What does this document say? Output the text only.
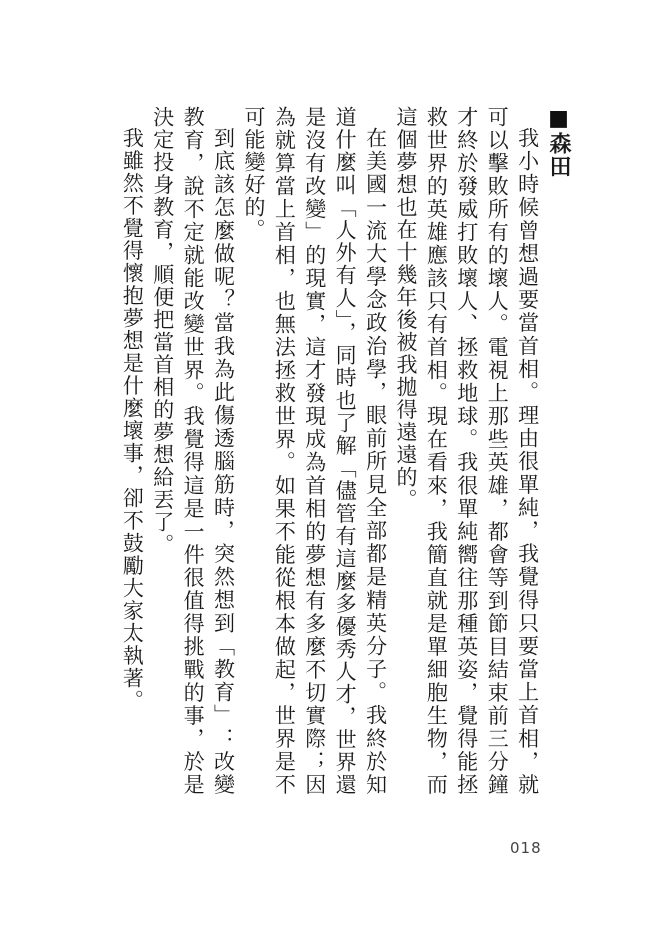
■森田

我小時候曾想過要當首相。理由很單純，我覺得只要當上首相，就可以擊敗所有的壞人。電視上那些英雄，都會等到節目結束前三分鐘才終於發威打敗壞人、拯救地球。我很單純嚮往那種英姿，覺得能拯救世界的英雄應該只有首相。現在看來，我簡直就是單細胞生物，而這個夢想也在十幾年後被我拋得遠遠的。

在美國一流大學念政治學，眼前所見全部都是精英分子。我終於知道什麼叫「人外有人」，同時也了解「儘管有這麼多優秀人才，世界還是沒有改變」的現實，這才發現成為首相的夢想有多麼不切實際；因為就算當上首相，也無法拯救世界。如果不能從根本做起，世界是不可能變好的。

到底該怎麼做呢？當我為此傷透腦筋時，突然想到「教育」：改變教育，說不定就能改變世界。我覺得這是一件很值得挑戰的事，於是決定投身教育，順便把當首相的夢想給丟了。

我雖然不覺得懷抱夢想是什麼壞事，卻不鼓勵大家太執著。

018
